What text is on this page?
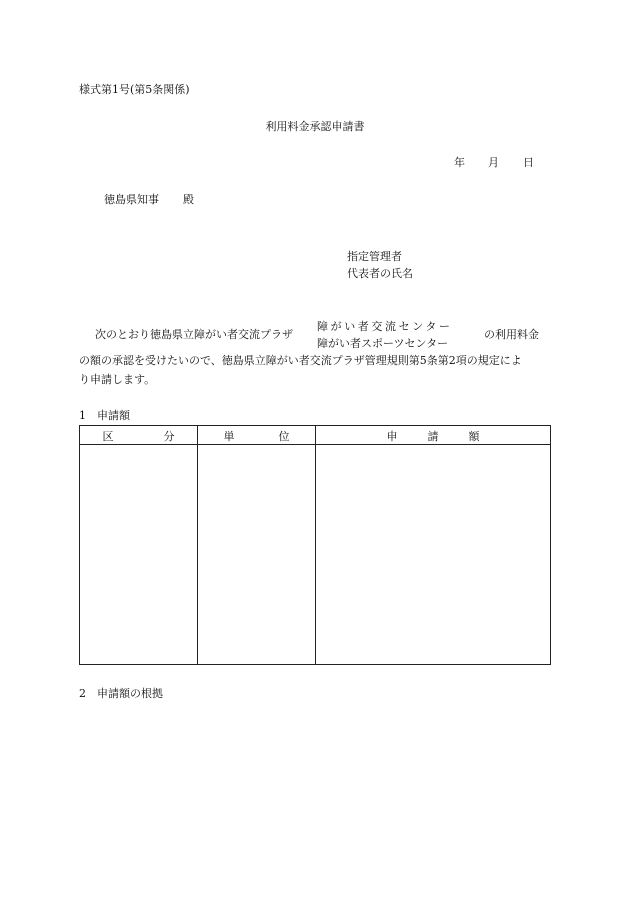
様式第1号(第5条関係)
利用料金承認申請書
年 月 日
徳島県知事 殿
指定管理者
代表者の氏名
次のとおり徳島県立障がい者交流プラザ
障がい者交流センター
障がい者スポーツセンター
の利用料金
の額の承認を受けたいので、徳島県立障がい者交流プラザ管理規則第5条第2項の規定によ
り申請します。
1　申請額
区分 単位	申請額
2　申請額の根拠
